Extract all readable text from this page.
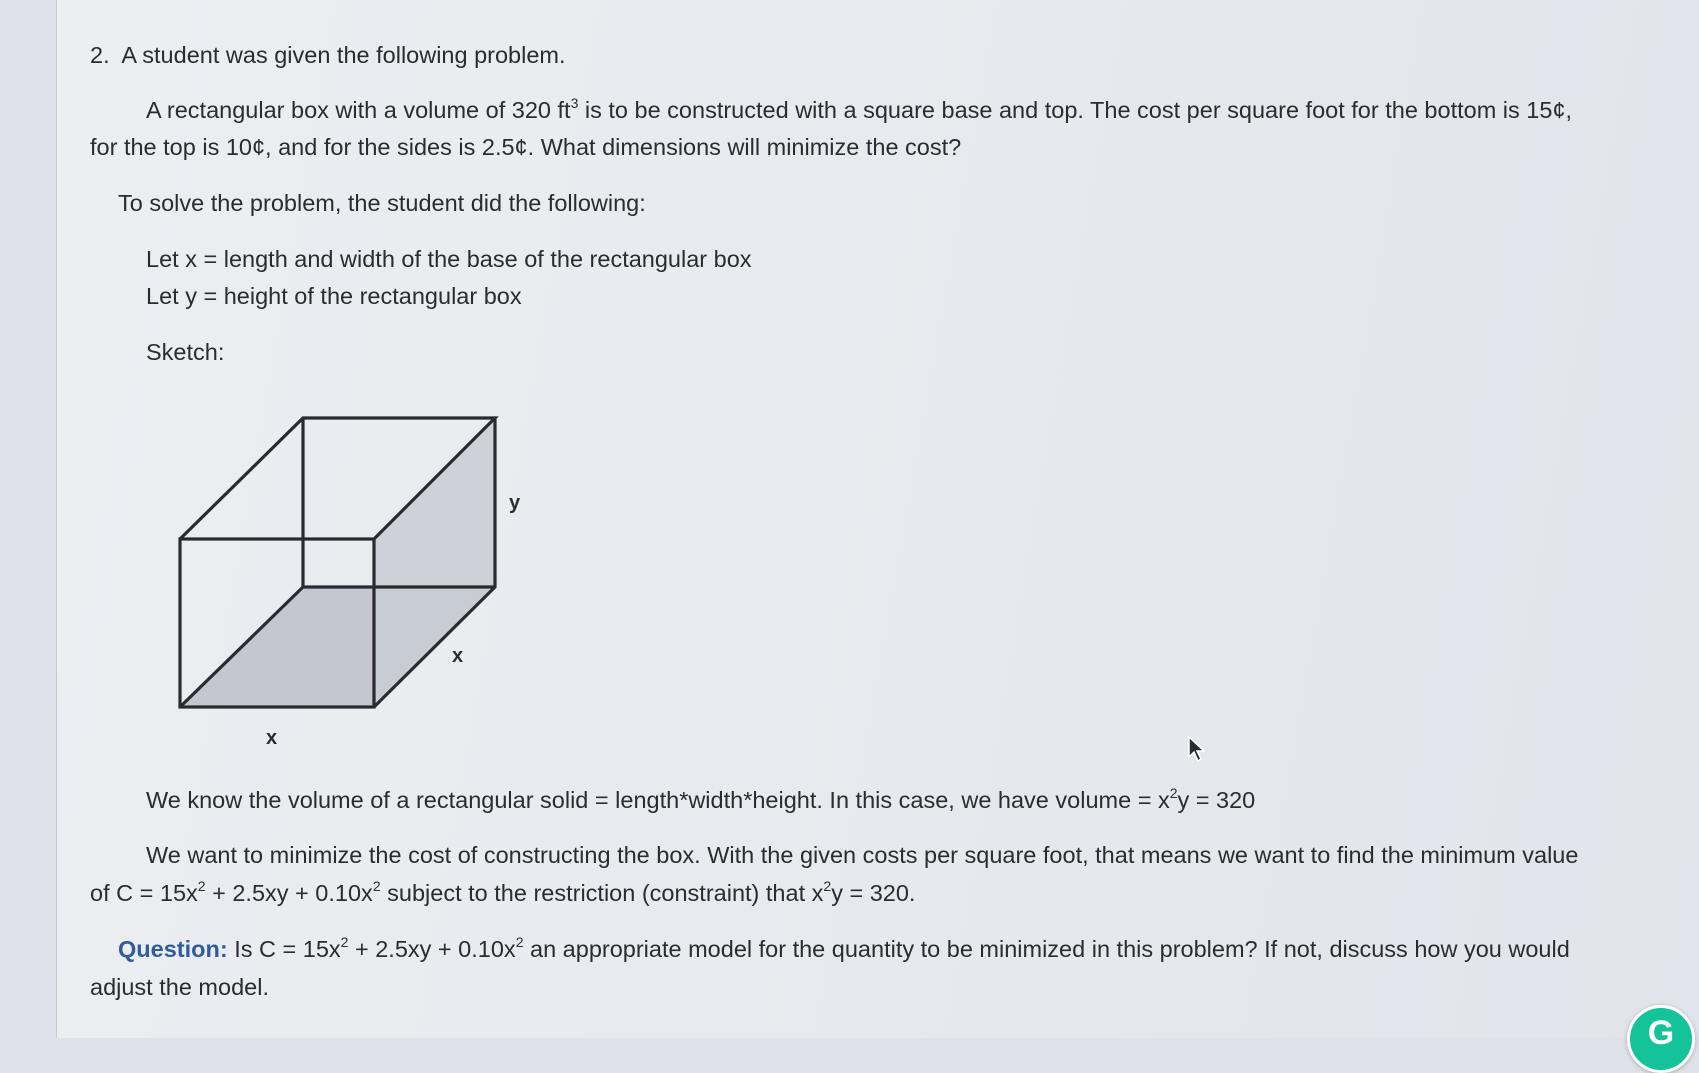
2. A student was given the following problem.
A rectangular box with a volume of 320 $ft^3$ is to be constructed with a square base and top. The cost per square foot for the bottom is 15¢,
for the top is 10¢, and for the sides is 2.5¢. What dimensions will minimize the cost?
To solve the problem, the student did the following:
Let x = length and width of the base of the rectangular box
Let y = height of the rectangular box
Sketch:
y
x
x
We know the volume of a rectangular solid = length*width*height. In this case, we have volume = $x^2y = 320$
We want to minimize the cost of constructing the box. With the given costs per square foot, that means we want to find the minimum value
of $C = 15x^2 + 2.5xy + 0.10x^2$ subject to the restriction (constraint) that $x^2y = 320$.
Question: Is $C = 15x^2 + 2.5xy + 0.10x^2$ an appropriate model for the quantity to be minimized in this problem? If not, discuss how you would
adjust the model.
G
